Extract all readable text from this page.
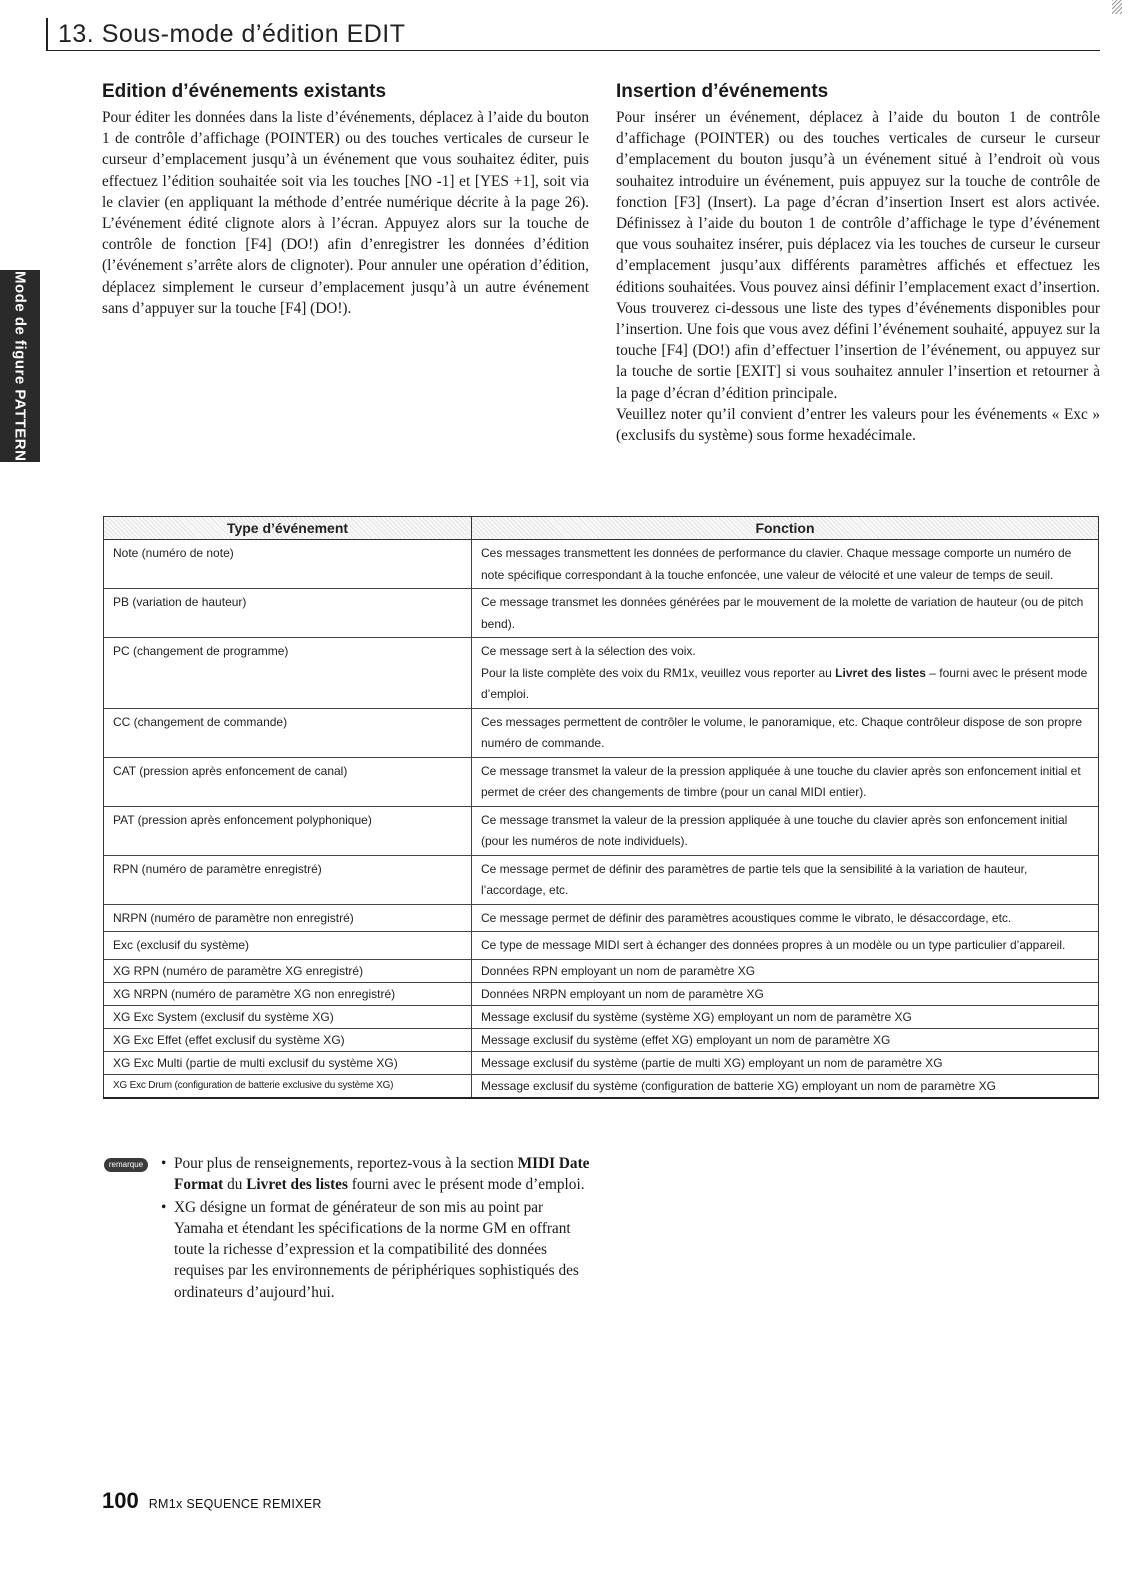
13. Sous-mode d’édition EDIT
Mode de figure PATTERN
Edition d’événements existants

Pour éditer les données dans la liste d’événements, déplacez à l’aide du bouton 1 de contrôle d’affichage (POINTER) ou des touches verticales de curseur le curseur d’emplacement jusqu’à un événement que vous souhaitez éditer, puis effectuez l’édition souhaitée soit via les touches [NO -1] et [YES +1], soit via le clavier (en appliquant la méthode d’entrée numérique décrite à la page 26). L’événement édité clignote alors à l’écran. Appuyez alors sur la touche de contrôle de fonction [F4] (DO!) afin d’enregistrer les données d’édition (l’événement s’arrête alors de clignoter). Pour annuler une opération d’édition, déplacez simplement le curseur d’emplacement jusqu’à un autre événement sans d’appuyer sur la touche [F4] (DO!).

Insertion d’événements

Pour insérer un événement, déplacez à l’aide du bouton 1 de contrôle d’affichage (POINTER) ou des touches verticales de curseur le curseur d’emplacement du bouton jusqu’à un événement situé à l’endroit où vous souhaitez introduire un événement, puis appuyez sur la touche de contrôle de fonction [F3] (Insert). La page d’écran d’insertion Insert est alors activée. Définissez à l’aide du bouton 1 de contrôle d’affichage le type d’événement que vous souhaitez insérer, puis déplacez via les touches de curseur le curseur d’emplacement jusqu’aux différents paramètres affichés et effectuez les éditions souhaitées. Vous pouvez ainsi définir l’emplacement exact d’insertion. Vous trouverez ci-dessous une liste des types d’événements disponibles pour l’insertion. Une fois que vous avez défini l’événement souhaité, appuyez sur la touche [F4] (DO!) afin d’effectuer l’insertion de l’événement, ou appuyez sur la touche de sortie [EXIT] si vous souhaitez annuler l’insertion et retourner à la page d’écran d’édition principale.

Veuillez noter qu’il convient d’entrer les valeurs pour les événements « Exc » (exclusifs du système) sous forme hexadécimale.

Type d’événement	Fonction
Note (numéro de note)	Ces messages transmettent les données de performance du clavier. Chaque message comporte un numéro de note spécifique correspondant à la touche enfoncée, une valeur de vélocité et une valeur de temps de seuil.
PB (variation de hauteur)	Ce message transmet les données générées par le mouvement de la molette de variation de hauteur (ou de pitch bend).
PC (changement de programme)	Ce message sert à la sélection des voix.
Pour la liste complète des voix du RM1x, veuillez vous reporter au Livret des listes – fourni avec le présent mode d’emploi.

CC (changement de commande)	Ces messages permettent de contrôler le volume, le panoramique, etc. Chaque contrôleur dispose de son propre numéro de commande.
CAT (pression après enfoncement de canal)	Ce message transmet la valeur de la pression appliquée à une touche du clavier après son enfoncement initial et permet de créer des changements de timbre (pour un canal MIDI entier).
PAT (pression après enfoncement polyphonique)	Ce message transmet la valeur de la pression appliquée à une touche du clavier après son enfoncement initial (pour les numéros de note individuels).
RPN (numéro de paramètre enregistré)	Ce message permet de définir des paramètres de partie tels que la sensibilité à la variation de hauteur, l’accordage, etc.
NRPN (numéro de paramètre non enregistré)	Ce message permet de définir des paramètres acoustiques comme le vibrato, le désaccordage, etc.
Exc (exclusif du système)	Ce type de message MIDI sert à échanger des données propres à un modèle ou un type particulier d’appareil.
XG RPN (numéro de paramètre XG enregistré)	Données RPN employant un nom de paramètre XG
XG NRPN (numéro de paramètre XG non enregistré)	Données NRPN employant un nom de paramètre XG
XG Exc System (exclusif du système XG)	Message exclusif du système (système XG) employant un nom de paramètre XG
XG Exc Effet (effet exclusif du système XG)	Message exclusif du système (effet XG) employant un nom de paramètre XG
XG Exc Multi (partie de multi exclusif du système XG)	Message exclusif du système (partie de multi XG) employant un nom de paramètre XG
XG Exc Drum (configuration de batterie exclusive du système XG)	Message exclusif du système (configuration de batterie XG) employant un nom de paramètre XG
remarque	• Pour plus de renseignements, reportez-vous à la section MIDI Date Format du Livret des listes fourni avec le présent mode d’emploi.
• XG désigne un format de générateur de son mis au point par Yamaha et étendant les spécifications de la norme GM en offrant toute la richesse d’expression et la compatibilité des données requises par les environnements de périphériques sophistiqués des ordinateurs d’aujourd’hui.
100 RM1x SEQUENCE REMIXER
